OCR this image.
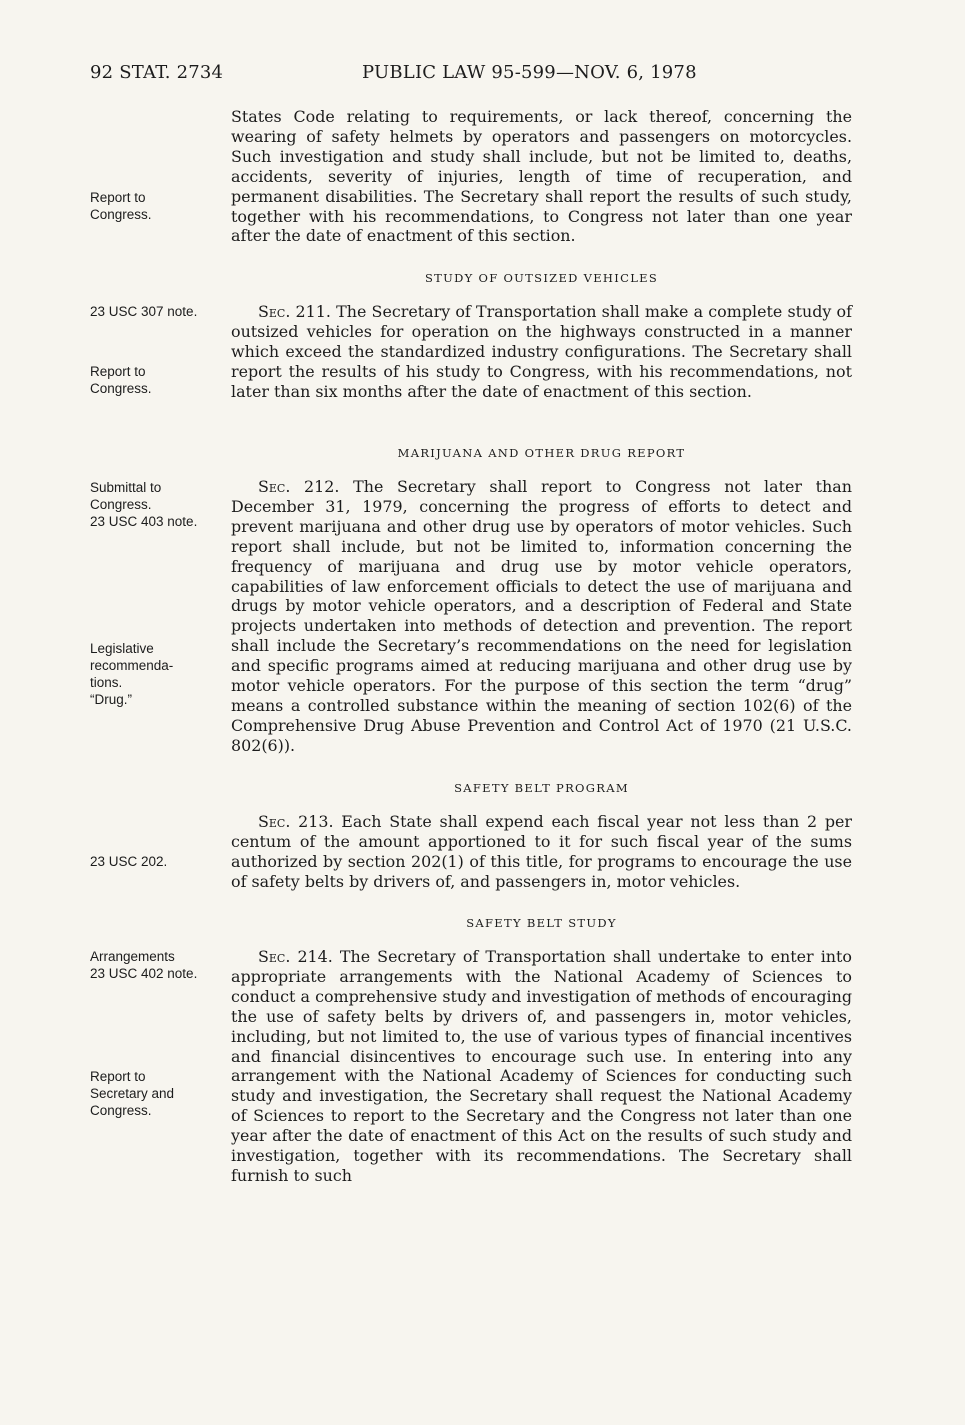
92 STAT. 2734	PUBLIC LAW 95-599—NOV. 6, 1978
Report to
Congress.
23 USC 307 note.
Report to
Congress.
Submittal to
Congress.
23 USC 403 note.
Legislative
recommenda-
tions.
“Drug.”
23 USC 202.
Arrangements
23 USC 402 note.
Report to
Secretary and
Congress.

States Code relating to requirements, or lack thereof, concerning the wearing of safety helmets by operators and passengers on motorcycles. Such investigation and study shall include, but not be limited to, deaths, accidents, severity of injuries, length of time of recuperation, and permanent disabilities. The Secretary shall report the results of such study, together with his recommendations, to Congress not later than one year after the date of enactment of this section.

STUDY OF OUTSIZED VEHICLES

Sec. 211. The Secretary of Transportation shall make a complete study of outsized vehicles for operation on the highways constructed in a manner which exceed the standardized industry configurations. The Secretary shall report the results of his study to Congress, with his recommendations, not later than six months after the date of enactment of this section.

MARIJUANA AND OTHER DRUG REPORT

Sec. 212. The Secretary shall report to Congress not later than December 31, 1979, concerning the progress of efforts to detect and prevent marijuana and other drug use by operators of motor vehicles. Such report shall include, but not be limited to, information concerning the frequency of marijuana and drug use by motor vehicle operators, capabilities of law enforcement officials to detect the use of marijuana and drugs by motor vehicle operators, and a description of Federal and State projects undertaken into methods of detection and prevention. The report shall include the Secretary’s recommendations on the need for legislation and specific programs aimed at reducing marijuana and other drug use by motor vehicle operators. For the purpose of this section the term “drug” means a controlled substance within the meaning of section 102(6) of the Comprehensive Drug Abuse Prevention and Control Act of 1970 (21 U.S.C. 802(6)).

SAFETY BELT PROGRAM

Sec. 213. Each State shall expend each fiscal year not less than 2 per centum of the amount apportioned to it for such fiscal year of the sums authorized by section 202(1) of this title, for programs to encourage the use of safety belts by drivers of, and passengers in, motor vehicles.

SAFETY BELT STUDY

Sec. 214. The Secretary of Transportation shall undertake to enter into appropriate arrangements with the National Academy of Sciences to conduct a comprehensive study and investigation of methods of encouraging the use of safety belts by drivers of, and passengers in, motor vehicles, including, but not limited to, the use of various types of financial incentives and financial disincentives to encourage such use. In entering into any arrangement with the National Academy of Sciences for conducting such study and investigation, the Secretary shall request the National Academy of Sciences to report to the Secretary and the Congress not later than one year after the date of enactment of this Act on the results of such study and investigation, together with its recommendations. The Secretary shall furnish to such
